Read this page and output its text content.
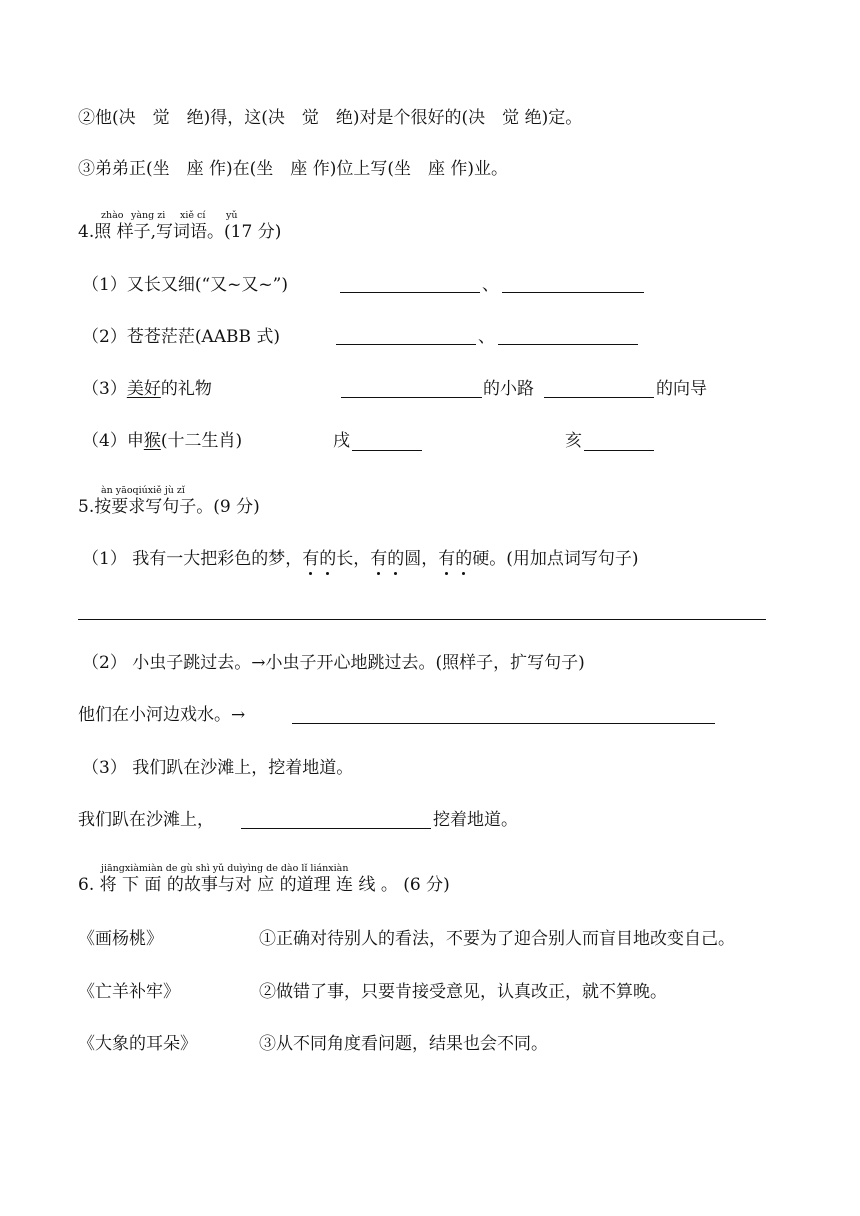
②他(决　觉　绝)得，这(决　觉　绝)对是个很好的(决　觉 绝)定。
③弟弟正(坐　座 作)在(坐　座 作)位上写(坐　座 作)业。
zhào yàng zi xiě cí yǔ
4.照 样子,写词语。(17 分)
（1）又长又细(“又~又~”)	、
（2）苍苍茫茫(AABB 式)	、
（3）美好的礼物	的小路	的向导
（4）申猴(十二生肖)	戌	亥
àn yāoqiúxiě jù zǐ
5.按要求写句子。(9 分)
（1） 我有一大把彩色的梦，有的长，有的圆，有的硬。(用加点词写句子)
（2） 小虫子跳过去。→小虫子开心地跳过去。(照样子，扩写句子)
他们在小河边戏水。→
（3） 我们趴在沙滩上，挖着地道。
我们趴在沙滩上，	挖着地道。
jiāngxiàmiàn de gù shì yǔ duìyìng de dào lǐ liánxiàn
6. 将 下 面 的故事与对 应 的道理 连 线 。 (6 分)
《画杨桃》	①正确对待别人的看法，不要为了迎合别人而盲目地改变自己。
《亡羊补牢》	②做错了事，只要肯接受意见，认真改正，就不算晚。
《大象的耳朵》	③从不同角度看问题，结果也会不同。
